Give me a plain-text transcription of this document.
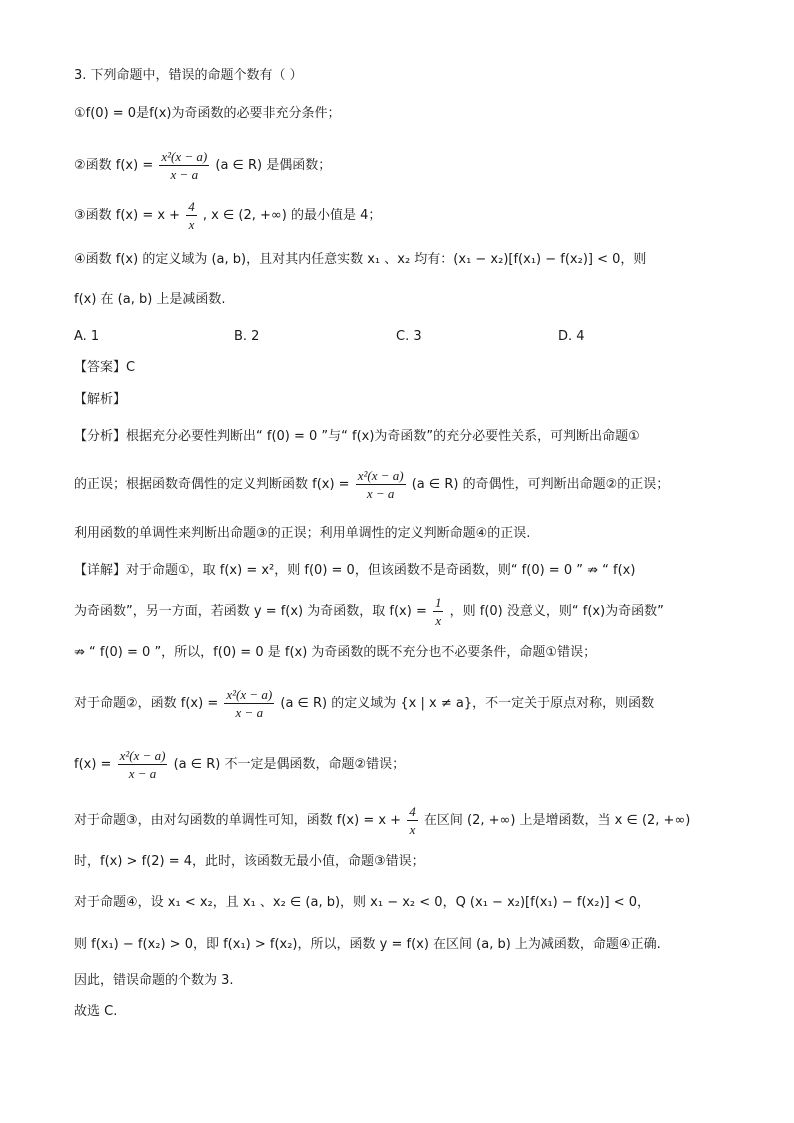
3. 下列命题中，错误的命题个数有（ ）
①f(0) = 0是f(x)为奇函数的必要非充分条件；
②函数 $f(x) = \frac{\text{x²(x − a)}}{x - a} (a$ ∈ R) 是偶函数；
③函数 $f(x) = x + \frac{4}{x}$ , x ∈ (2, +∞) 的最小值是 4；
④函数 f(x) 的定义域为 (a, b)，且对其内任意实数 x₁ 、x₂ 均有：(x₁ − x₂)[f(x₁) − f(x₂)] < 0，则
f(x) 在 (a, b) 上是减函数.
A. 1	B. 2	C. 3	D. 4
【答案】C
【解析】
【分析】根据充分必要性判断出“ f(0) = 0 ”与“ f(x)为奇函数”的充分必要性关系，可判断出命题①
的正误；根据函数奇偶性的定义判断函数 $f(x) = \frac{\text{x²(x − a)}}{x - a} (a$ ∈ R) 的奇偶性，可判断出命题②的正误；
利用函数的单调性来判断出命题③的正误；利用单调性的定义判断命题④的正误.
【详解】对于命题①，取 f(x) = x²，则 f(0) = 0，但该函数不是奇函数，则“ f(0) = 0 ” ⇏ “ f(x)
为奇函数”，另一方面，若函数 y = f(x) 为奇函数，取 $f(x) = \frac{1}{x}$ ，则 f(0) 没意义，则“ f(x)为奇函数”
⇏ “ f(0) = 0 ”，所以，f(0) = 0 是 f(x) 为奇函数的既不充分也不必要条件，命题①错误；
对于命题②，函数 $f(x) = \frac{\text{x²(x − a)}}{x - a} (a$ ∈ R) 的定义域为 {x | x ≠ a}，不一定关于原点对称，则函数
$f(x) = \frac{\text{x²(x − a)}}{x - a} (a$ ∈ R) 不一定是偶函数，命题②错误；
对于命题③，由对勾函数的单调性可知，函数 $f(x) = x + \frac{4}{x}$ 在区间 (2, +∞) 上是增函数，当 x ∈ (2, +∞)
时，f(x) > f(2) = 4，此时，该函数无最小值，命题③错误；
对于命题④，设 x₁ < x₂，且 x₁ 、x₂ ∈ (a, b)，则 x₁ − x₂ < 0，Q (x₁ − x₂)[f(x₁) − f(x₂)] < 0，
则 f(x₁) − f(x₂) > 0，即 f(x₁) > f(x₂)，所以，函数 y = f(x) 在区间 (a, b) 上为减函数，命题④正确.
因此，错误命题的个数为 3.
故选 C.
